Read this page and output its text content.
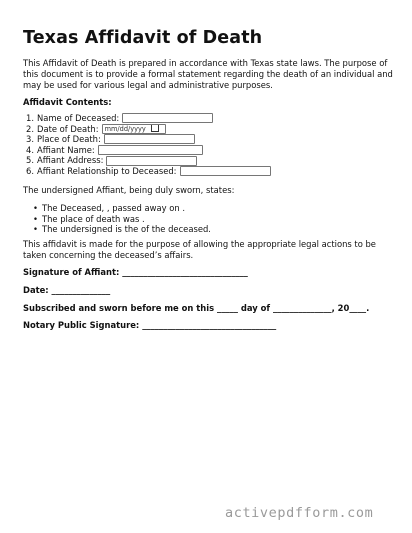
Texas Affidavit of Death
This Affidavit of Death is prepared in accordance with Texas state laws. The purpose of this document is to provide a formal statement regarding the death of an individual and may be used for various legal and administrative purposes.
Affidavit Contents:
1. Name of Deceased:
2. Date of Death: mm/dd/yyyy
3. Place of Death:
4. Affiant Name:
5. Affiant Address:
6. Affiant Relationship to Deceased:
The undersigned Affiant, being duly sworn, states:
• The Deceased, , passed away on .
• The place of death was .
• The undersigned is the of the deceased.
This affidavit is made for the purpose of allowing the appropriate legal actions to be taken concerning the deceased’s affairs.
Signature of Affiant: ______________________________
Date: ______________
Subscribed and sworn before me on this _____ day of ______________, 20____.
Notary Public Signature: ________________________________
activepdfform.com
